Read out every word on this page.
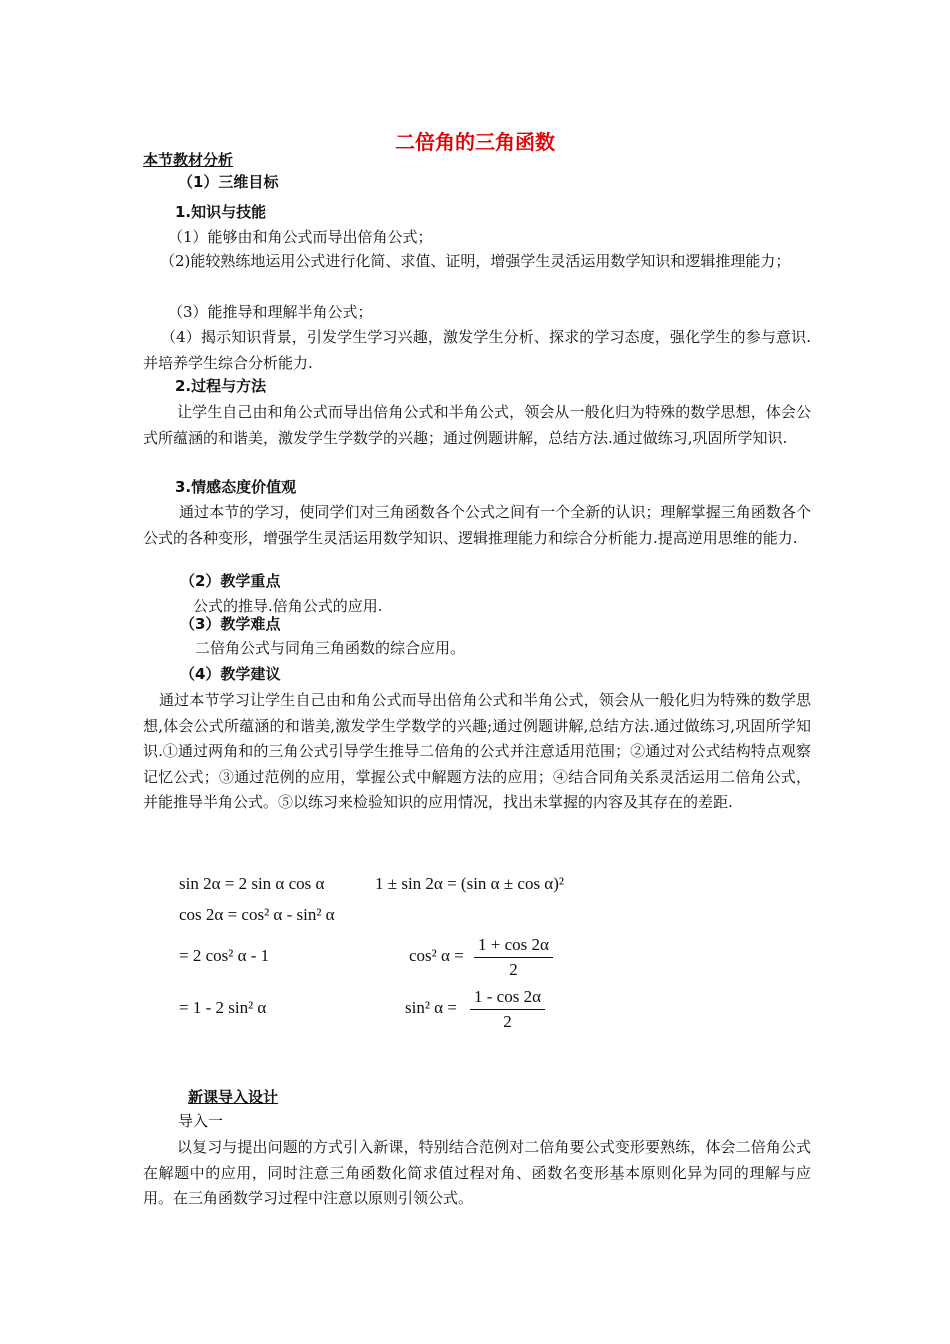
二倍角的三角函数
本节教材分析
（1）三维目标
1.知识与技能
（1）能够由和角公式而导出倍角公式；
（2)能较熟练地运用公式进行化简、求值、证明，增强学生灵活运用数学知识和逻辑推理能力；
（3）能推导和理解半角公式；
（4）揭示知识背景，引发学生学习兴趣，激发学生分析、探求的学习态度，强化学生的参与意识. 并培养学生综合分析能力.
2.过程与方法
让学生自己由和角公式而导出倍角公式和半角公式，领会从一般化归为特殊的数学思想，体会公式所蕴涵的和谐美，激发学生学数学的兴趣；通过例题讲解，总结方法.通过做练习,巩固所学知识.
3.情感态度价值观
通过本节的学习，使同学们对三角函数各个公式之间有一个全新的认识；理解掌握三角函数各个公式的各种变形，增强学生灵活运用数学知识、逻辑推理能力和综合分析能力.提高逆用思维的能力.
（2）教学重点
公式的推导.倍角公式的应用.
（3）教学难点
二倍角公式与同角三角函数的综合应用。
（4）教学建议
通过本节学习让学生自己由和角公式而导出倍角公式和半角公式，领会从一般化归为特殊的数学思想,体会公式所蕴涵的和谐美,激发学生学数学的兴趣;通过例题讲解,总结方法.通过做练习,巩固所学知识.①通过两角和的三角公式引导学生推导二倍角的公式并注意适用范围；②通过对公式结构特点观察记忆公式；③通过范例的应用，掌握公式中解题方法的应用；④结合同角关系灵活运用二倍角公式，并能推导半角公式。⑤以练习来检验知识的应用情况，找出未掌握的内容及其存在的差距.
sin 2α = 2 sin α cos α	1 ± sin 2α = (sin α ± cos α)²
cos 2α = cos² α - sin² α
= 2 cos² α - 1
= 1 - 2 sin² α
cos² $\alpha = \frac{1 + \cos 2\alpha}{2}$
sin² $\alpha = \frac{1 - \cos 2\alpha}{2}$
新课导入设计
导入一
以复习与提出问题的方式引入新课，特别结合范例对二倍角要公式变形要熟练，体会二倍角公式在解题中的应用，同时注意三角函数化简求值过程对角、函数名变形基本原则化异为同的理解与应用。在三角函数学习过程中注意以原则引领公式。
